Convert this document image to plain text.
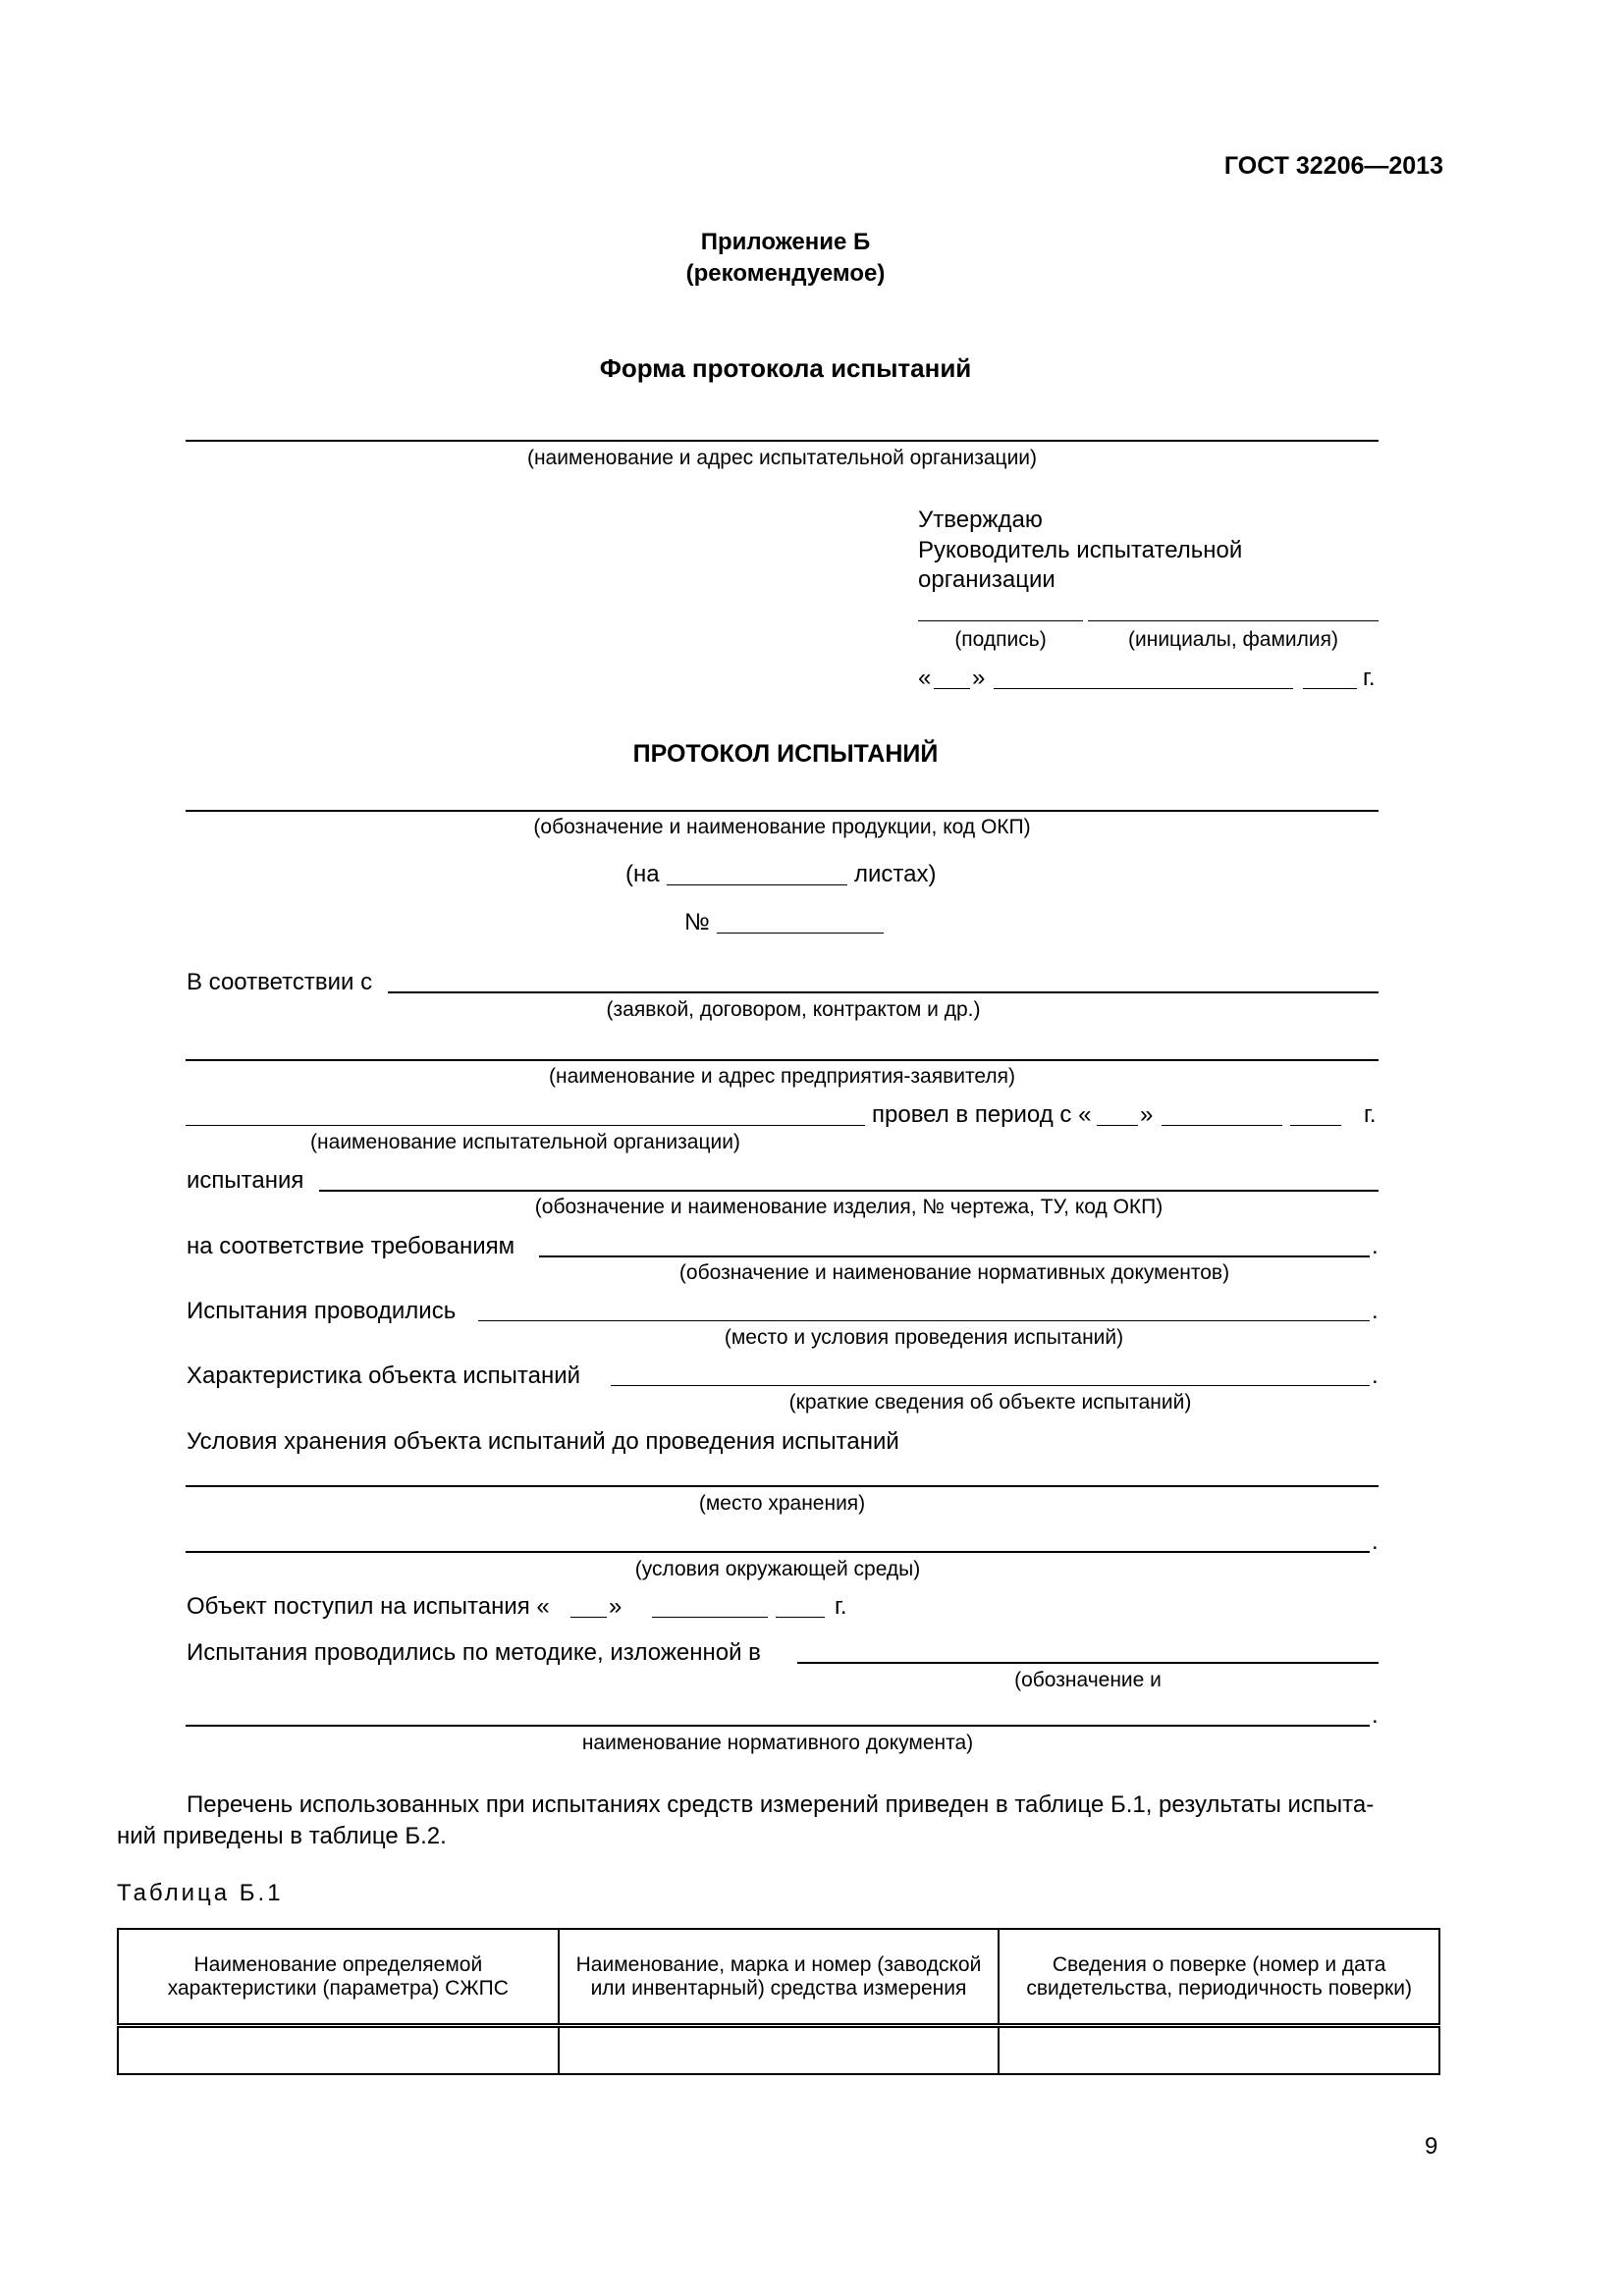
ГОСТ 32206—2013
Приложение Б
(рекомендуемое)
Форма протокола испытаний
(наименование и адрес испытательной организации)
Утверждаю
Руководитель испытательной
организации
(подпись)	(инициалы, фамилия)
« »	г.
ПРОТОКОЛ ИСПЫТАНИЙ
(обозначение и наименование продукции, код ОКП)
(на	листах)
№
В соответствии с
(заявкой, договором, контрактом и др.)
(наименование и адрес предприятия-заявителя)
провел в период с « »	г.
(наименование испытательной организации)
испытания
(обозначение и наименование изделия, № чертежа, ТУ, код ОКП)
на соответствие требованиям	.
(обозначение и наименование нормативных документов)
Испытания проводились	.
(место и условия проведения испытаний)
Характеристика объекта испытаний	.
(краткие сведения об объекте испытаний)
Условия хранения объекта испытаний до проведения испытаний
(место хранения)
.
(условия окружающей среды)
Объект поступил на испытания «	»	г.
Испытания проводились по методике, изложенной в
(обозначение и
.
наименование нормативного документа)
Перечень использованных при испытаниях средств измерений приведен в таблице Б.1, результаты испыта-
ний приведены в таблице Б.2.
Таблица Б.1
Наименование определяемой характеристики (параметра) СЖПС	Наименование, марка и номер (заводской или инвентарный) средства измерения	Сведения о поверке (номер и дата свидетельства, периодичность поверки)

9
